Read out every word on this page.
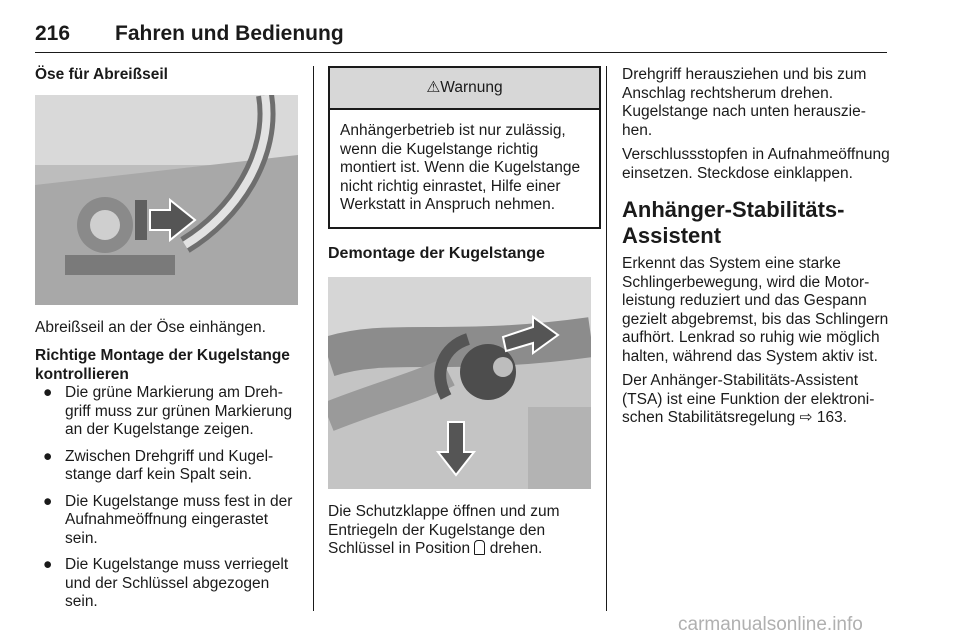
216 Fahren und Bedienung

Öse für Abreißseil

Abreißseil an der Öse einhängen.

Richtige Montage der Kugelstange kontrollieren

● Die grüne Markierung am Drehgriff muss zur grünen Markierung an der Kugelstange zeigen.
● Zwischen Drehgriff und Kugelstange darf kein Spalt sein.
● Die Kugelstange muss fest in der Aufnahmeöffnung eingerastet sein.
● Die Kugelstange muss verriegelt und der Schlüssel abgezogen sein.
⚠ Warnung
Anhängerbetrieb ist nur zulässig, wenn die Kugelstange richtig montiert ist. Wenn die Kugelstange nicht richtig einrastet, Hilfe einer Werkstatt in Anspruch nehmen.

Demontage der Kugelstange

Die Schutzklappe öffnen und zum Entriegeln der Kugelstange den Schlüssel in Position drehen.

Drehgriff herausziehen und bis zum Anschlag rechtsherum drehen. Kugelstange nach unten herausziehen.

Verschlussstopfen in Aufnahmeöffnung einsetzen. Steckdose einklappen.

Anhänger-Stabilitäts-Assistent

Erkennt das System eine starke Schlingerbewegung, wird die Motorleistung reduziert und das Gespann gezielt abgebremst, bis das Schlingern aufhört. Lenkrad so ruhig wie möglich halten, während das System aktiv ist.

Der Anhänger-Stabilitäts-Assistent (TSA) ist eine Funktion der elektronischen Stabilitätsregelung ⇨ 163.

carmanualsonline.info
